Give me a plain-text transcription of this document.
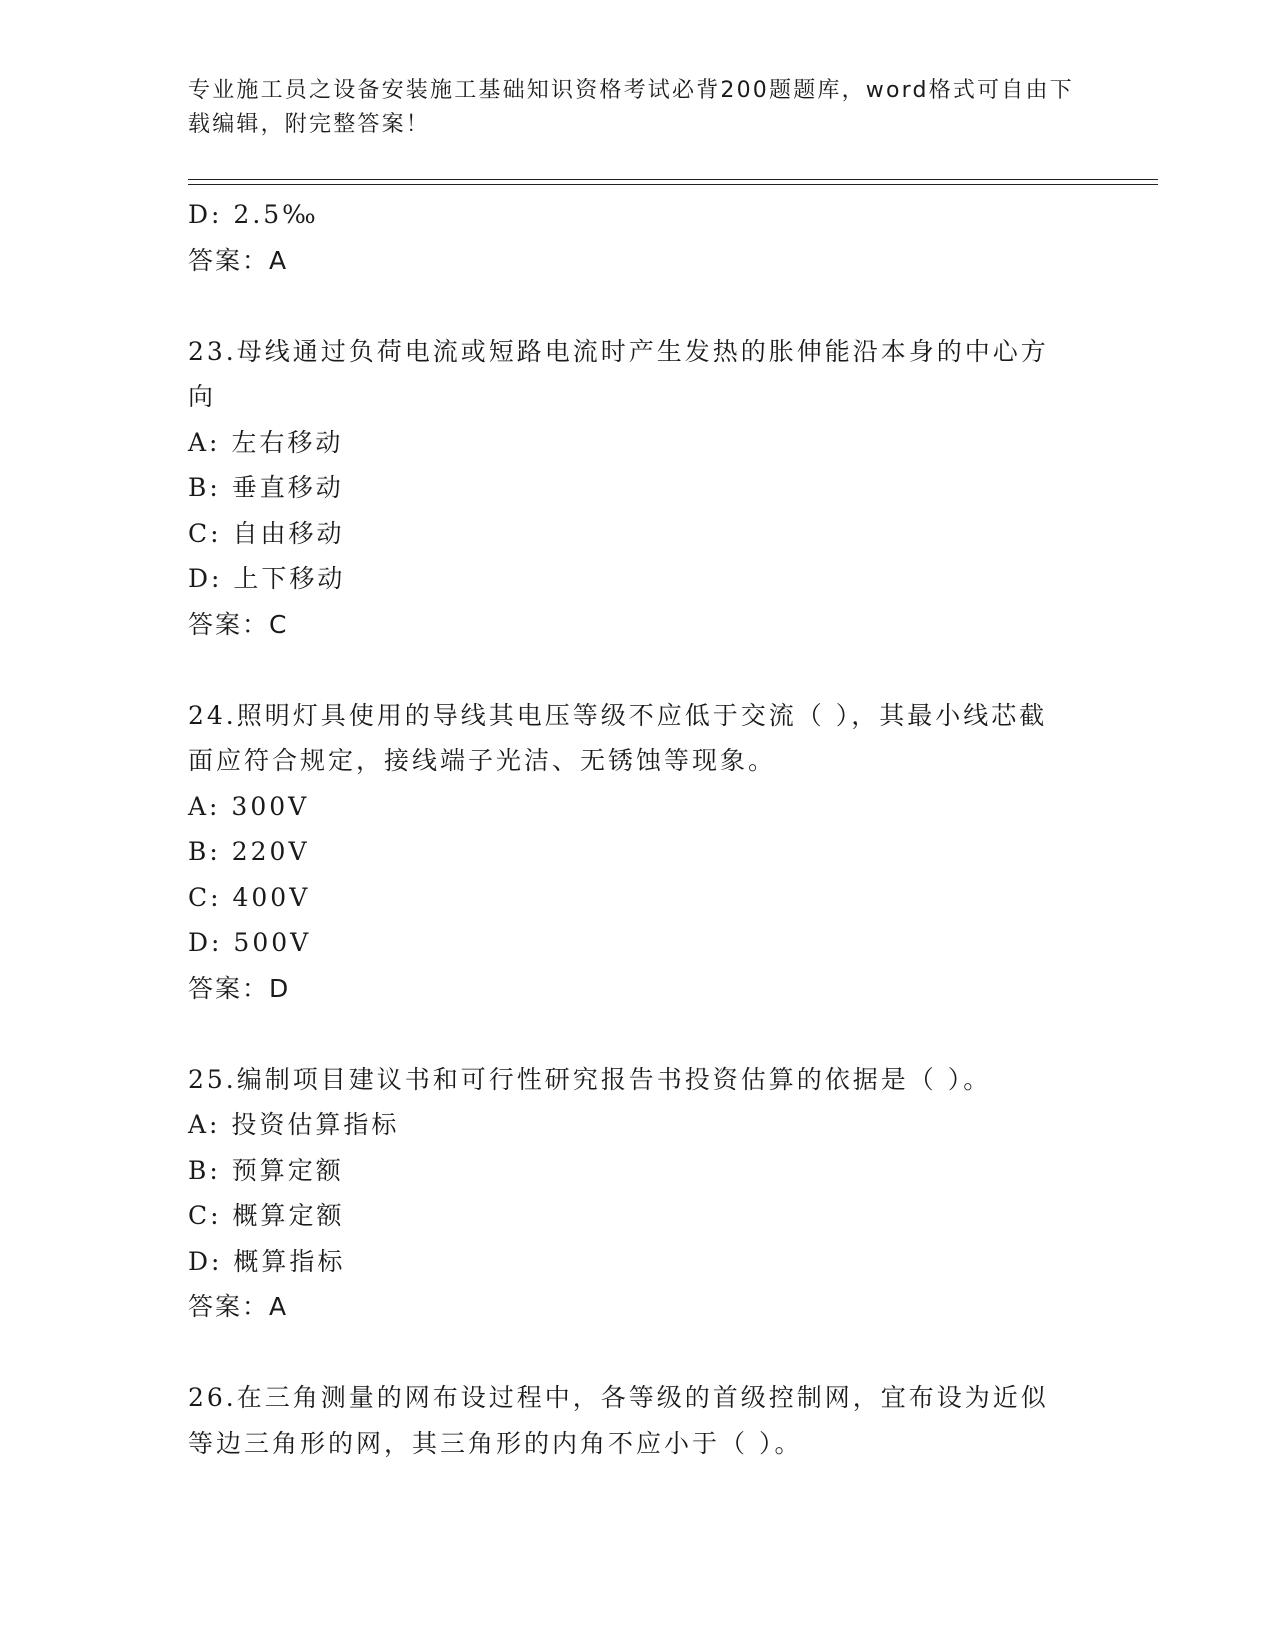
专业施工员之设备安装施工基础知识资格考试必背200题题库，word格式可自由下载编辑，附完整答案！
D: 2.5‰
答案：A
23.母线通过负荷电流或短路电流时产生发热的胀伸能沿本身的中心方向
A: 左右移动
B: 垂直移动
C: 自由移动
D: 上下移动
答案：C
24.照明灯具使用的导线其电压等级不应低于交流（ ），其最小线芯截面应符合规定，接线端子光洁、无锈蚀等现象。
A: 300V
B: 220V
C: 400V
D: 500V
答案：D
25.编制项目建议书和可行性研究报告书投资估算的依据是（ ）。
A: 投资估算指标
B: 预算定额
C: 概算定额
D: 概算指标
答案：A
26.在三角测量的网布设过程中，各等级的首级控制网，宜布设为近似等边三角形的网，其三角形的内角不应小于（ ）。
